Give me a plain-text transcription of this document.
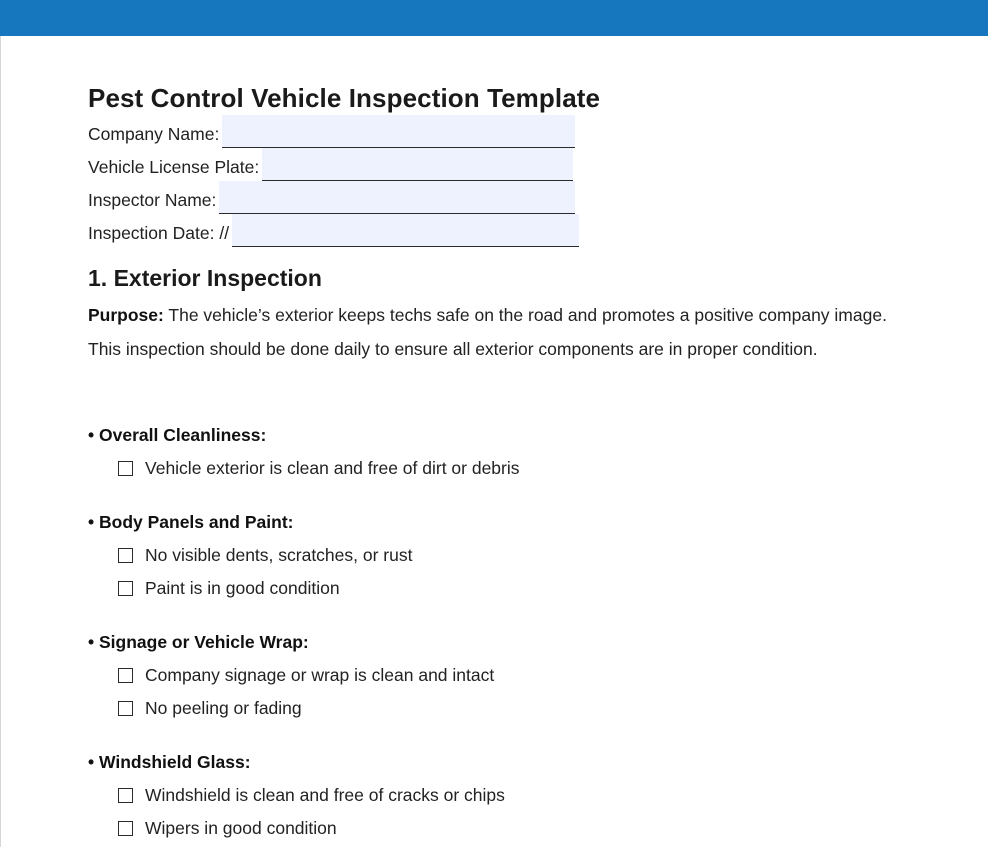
Pest Control Vehicle Inspection Template
Company Name:
Vehicle License Plate:
Inspector Name:
Inspection Date: //
1. Exterior Inspection

Purpose: The vehicle’s exterior keeps techs safe on the road and promotes a positive company image. This inspection should be done daily to ensure all exterior components are in proper condition.

• Overall Cleanliness:
Vehicle exterior is clean and free of dirt or debris
• Body Panels and Paint:
No visible dents, scratches, or rust
Paint is in good condition
• Signage or Vehicle Wrap:
Company signage or wrap is clean and intact
No peeling or fading
• Windshield Glass:
Windshield is clean and free of cracks or chips
Wipers in good condition
